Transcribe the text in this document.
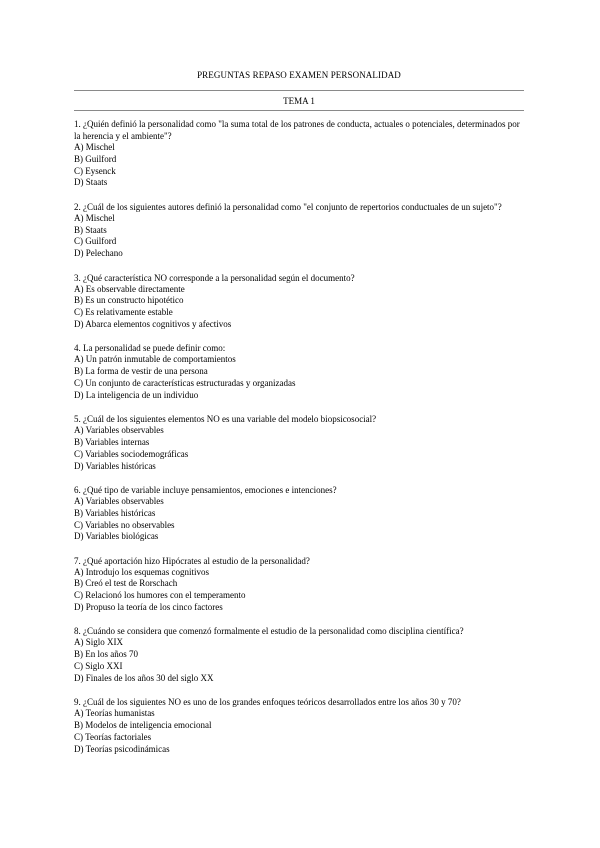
PREGUNTAS REPASO EXAMEN PERSONALIDAD
TEMA 1
1. ¿Quién definió la personalidad como "la suma total de los patrones de conducta, actuales o potenciales, determinados por la herencia y el ambiente"?
A) Mischel
B) Guilford
C) Eysenck
D) Staats
2. ¿Cuál de los siguientes autores definió la personalidad como "el conjunto de repertorios conductuales de un sujeto"?
A) Mischel
B) Staats
C) Guilford
D) Pelechano
3. ¿Qué característica NO corresponde a la personalidad según el documento?
A) Es observable directamente
B) Es un constructo hipotético
C) Es relativamente estable
D) Abarca elementos cognitivos y afectivos
4. La personalidad se puede definir como:
A) Un patrón inmutable de comportamientos
B) La forma de vestir de una persona
C) Un conjunto de características estructuradas y organizadas
D) La inteligencia de un individuo
5. ¿Cuál de los siguientes elementos NO es una variable del modelo biopsicosocial?
A) Variables observables
B) Variables internas
C) Variables sociodemográficas
D) Variables históricas
6. ¿Qué tipo de variable incluye pensamientos, emociones e intenciones?
A) Variables observables
B) Variables históricas
C) Variables no observables
D) Variables biológicas
7. ¿Qué aportación hizo Hipócrates al estudio de la personalidad?
A) Introdujo los esquemas cognitivos
B) Creó el test de Rorschach
C) Relacionó los humores con el temperamento
D) Propuso la teoría de los cinco factores
8. ¿Cuándo se considera que comenzó formalmente el estudio de la personalidad como disciplina científica?
A) Siglo XIX
B) En los años 70
C) Siglo XXI
D) Finales de los años 30 del siglo XX
9. ¿Cuál de los siguientes NO es uno de los grandes enfoques teóricos desarrollados entre los años 30 y 70?
A) Teorías humanistas
B) Modelos de inteligencia emocional
C) Teorías factoriales
D) Teorías psicodinámicas
